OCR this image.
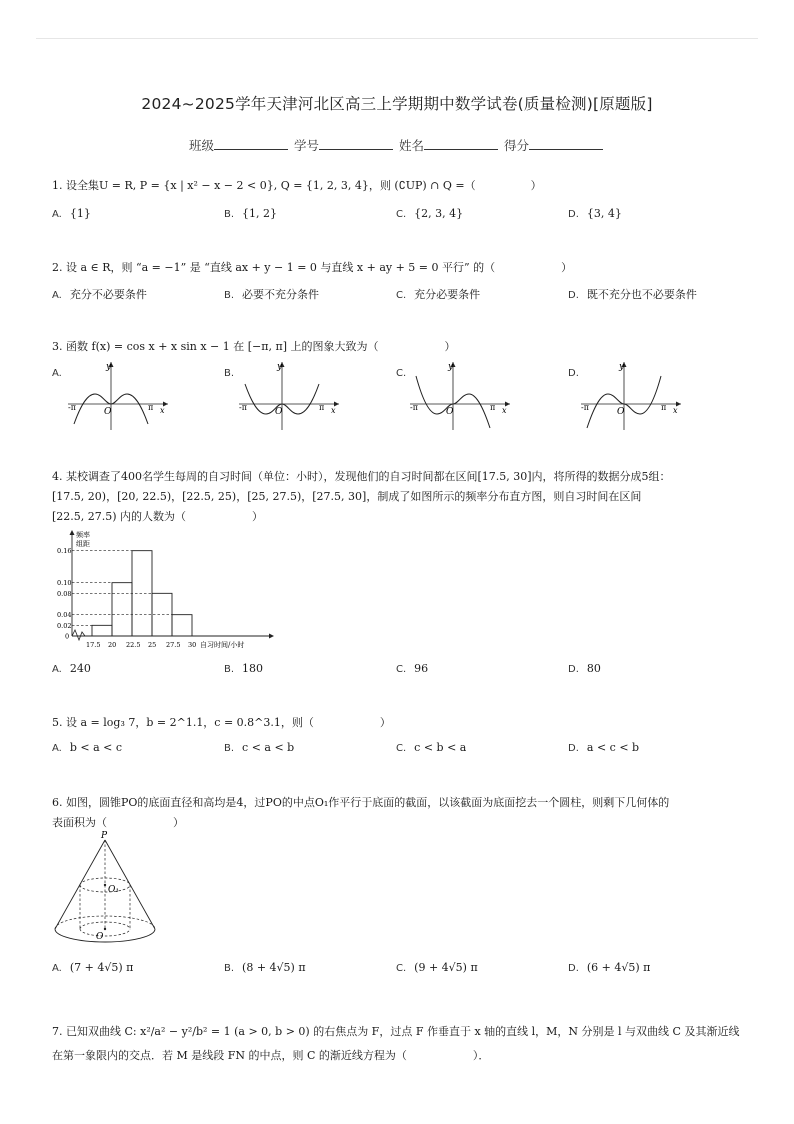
2024~2025学年天津河北区高三上学期期中数学试卷(质量检测)[原题版]
班级	学号	姓名	得分
1. 设全集U = R, P = {x | x² − x − 2 < 0}, Q = {1, 2, 3, 4}，则 (∁UP) ∩ Q =（　　　　　）
A. {1}	B. {1, 2}	C. {2, 3, 4}	D. {3, 4}
2. 设 a ∈ R，则 “a = −1” 是 “直线 ax + y − 1 = 0 与直线 x + ay + 5 = 0 平行” 的（　　　　　　）
A. 充分不必要条件	B. 必要不充分条件	C. 充分必要条件	D. 既不充分也不必要条件
3. 函数 f(x) = cos x + x sin x − 1 在 [−π, π] 上的图象大致为（　　　　　　）
A.	B.	C.	D.
y
x
O
-π	π
y
x
O
-π	π
y
x
O
-π	π
y
x
O
-π	π
4. 某校调查了400名学生每周的自习时间（单位：小时），发现他们的自习时间都在区间[17.5, 30]内，将所得的数据分成5组：
[17.5, 20)，[20, 22.5)，[22.5, 25)，[25, 27.5)，[27.5, 30]，制成了如图所示的频率分布直方图，则自习时间在区间
[22.5, 27.5) 内的人数为（　　　　　　）
频率
组距
0.16
0.10
0.08
0.04
0.02
0
17.5 20 22.5 25 27.5 30 自习时间/小时
A. 240	B. 180	C. 96	D. 80
5. 设 a = log₃ 7，b = 2^1.1，c = 0.8^3.1，则（　　　　　　）
A. b < a < c	B. c < a < b	C. c < b < a	D. a < c < b
6. 如图，圆锥PO的底面直径和高均是4，过PO的中点O₁作平行于底面的截面，以该截面为底面挖去一个圆柱，则剩下几何体的
表面积为（　　　　　　）
P
O₁
O
A. (7 + 4√5) π	B. (8 + 4√5) π	C. (9 + 4√5) π	D. (6 + 4√5) π
7. 已知双曲线 C: x²/a² − y²/b² = 1 (a > 0, b > 0) 的右焦点为 F，过点 F 作垂直于 x 轴的直线 l，M，N 分别是 l 与双曲线 C 及其渐近线
在第一象限内的交点．若 M 是线段 FN 的中点，则 C 的渐近线方程为（　　　　　　）．
